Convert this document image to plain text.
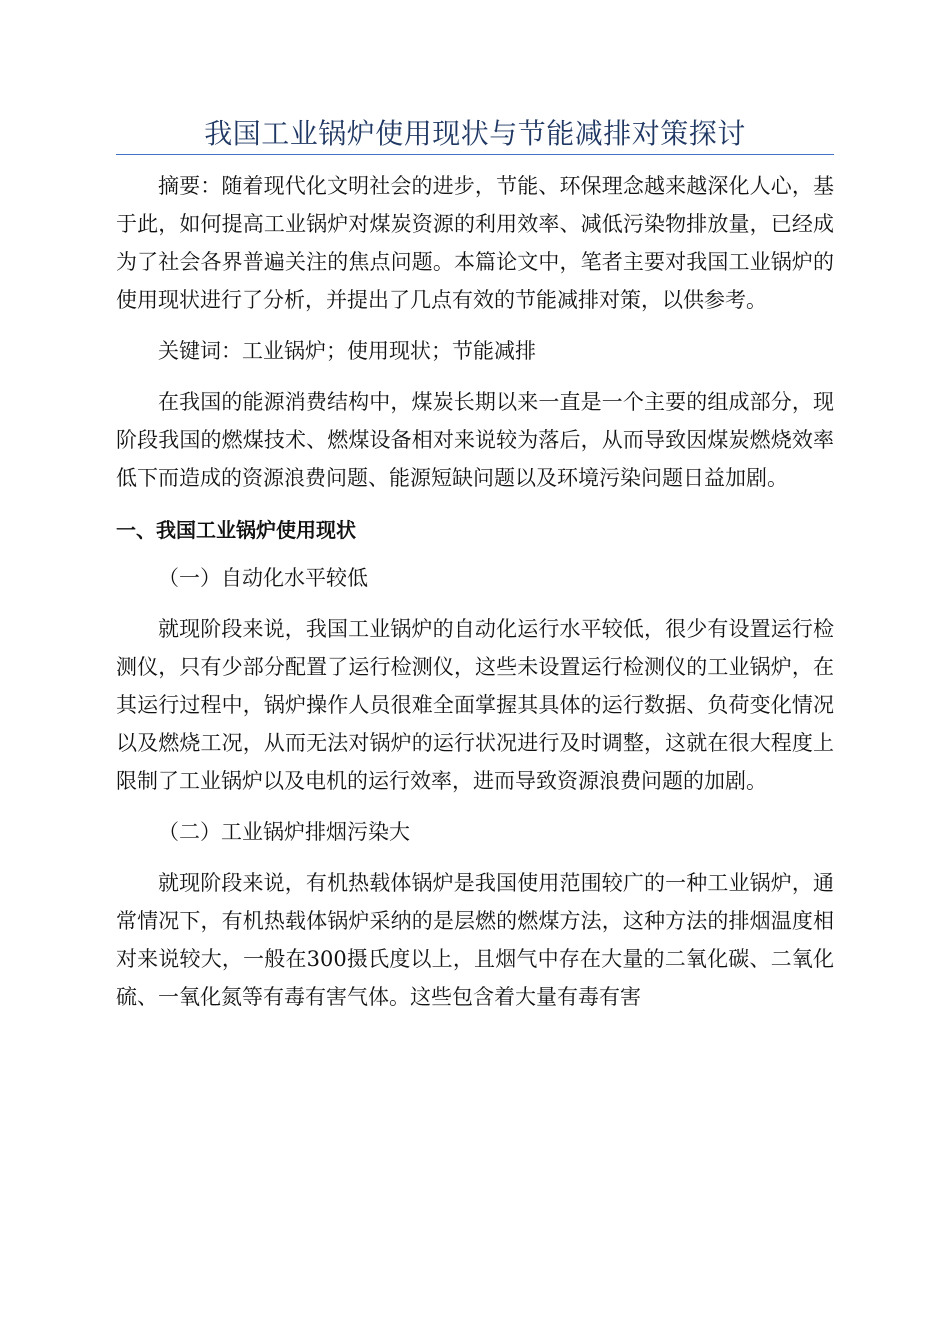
我国工业锅炉使用现状与节能减排对策探讨

摘要：随着现代化文明社会的进步，节能、环保理念越来越深化人心，基于此，如何提高工业锅炉对煤炭资源的利用效率、减低污染物排放量，已经成为了社会各界普遍关注的焦点问题。本篇论文中，笔者主要对我国工业锅炉的使用现状进行了分析，并提出了几点有效的节能减排对策，以供参考。

关键词：工业锅炉；使用现状；节能减排

在我国的能源消费结构中，煤炭长期以来一直是一个主要的组成部分，现阶段我国的燃煤技术、燃煤设备相对来说较为落后，从而导致因煤炭燃烧效率低下而造成的资源浪费问题、能源短缺问题以及环境污染问题日益加剧。

一、我国工业锅炉使用现状
（一）自动化水平较低

就现阶段来说，我国工业锅炉的自动化运行水平较低，很少有设置运行检测仪，只有少部分配置了运行检测仪，这些未设置运行检测仪的工业锅炉，在其运行过程中，锅炉操作人员很难全面掌握其具体的运行数据、负荷变化情况以及燃烧工况，从而无法对锅炉的运行状况进行及时调整，这就在很大程度上限制了工业锅炉以及电机的运行效率，进而导致资源浪费问题的加剧。

（二）工业锅炉排烟污染大

就现阶段来说，有机热载体锅炉是我国使用范围较广的一种工业锅炉，通常情况下，有机热载体锅炉采纳的是层燃的燃煤方法，这种方法的排烟温度相对来说较大，一般在300摄氏度以上，且烟气中存在大量的二氧化碳、二氧化硫、一氧化氮等有毒有害气体。这些包含着大量有毒有害
